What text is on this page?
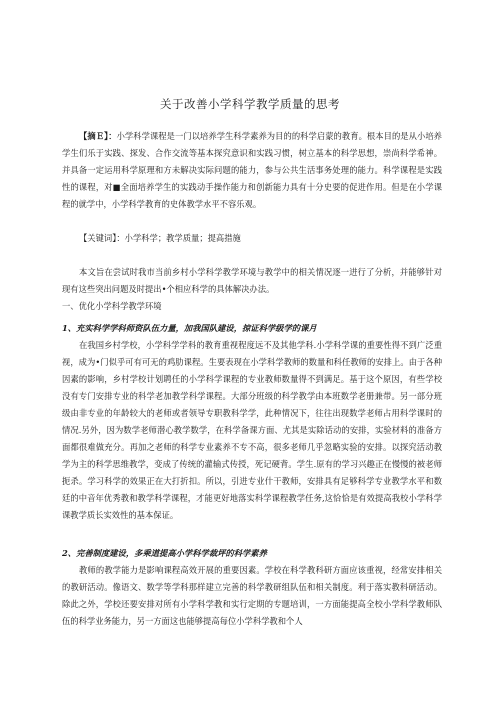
关于改善小学科学教学质量的思考
【摘Ｅ】：小学科学课程是一门以培养学生科学素养为目的的科学启蒙的教育。根本目的是从小培养学生们乐于实践、探发、合作交流等基本探究意识和实践习惯，树立基本的科学思想，崇尚科学希神。并具备一定运用科学原理和方未解决实际问题的能力，参与公共生活事务处理的能力。科学课程是实践性的课程，对■全面培养学生的实践动手操作能力和创新能力具有十分史要的促进作用。但是在小学课程的就学中，小学科学教育的史体教学水平不容乐观。
【关键词】：小学科学；教学质量；提高措施
本文旨在尝试时我市当前乡村小学科学教学环境与教学中的相关情况逐一进行了分析，并能够针对现有这些突出问题及时提出•个相应科学的具体解决办法。
一、优化小学科学教学环境
1、充实科学学科师资队伍力量，加我国队建设，掠证科学级学的课月
在我国乡村学校，小学科学学科的教育重视程度远不及其他学科.小学科学课的重要性得不到广泛重视，成为•门似乎可有可无的鸡肋课程。生要表现在小学科学教师的数量和科任教师的安排上。由于各种因素的影响，乡村学校计划聘任的小学科学课程的专业教师数量得不到满足。基于这个原因，有些学校没有专门安排专业的科学老加教学科学课程。大部分班级的科学教学由本班数学老册兼带。另一部分班级由非专业的年龄较大的老师或者领导专职教科学学，此种情况下，往往出现数学老师占用科学课时的情况.另外，因为数学老师潜心教学数学，在科学备课方面、尤其是实除话动的安排，实验材料的准备方面都很难做充分。再加之老师的科学专业素养不专不高，很多老师几乎忽略实验的安排。以探究活动教学为主的科学思维教学，变成了传统的灌输式传授，死记硬背。学生.原有的学习兴趣正在慢慢的被老师扼杀。学习科学的效果正在大打折扣。所以，引进专业什干教师，安排具有足够科学专业教学水平和数廷的中音年优秀教和教学科学课程，才能更好地落实科学课程教学任务,这恰恰是有效提高我校小学科学课教学质长实效性的基本保证。
2、完善制度建设，多乘道提高小学科学裁坪的科学素养
教师的教学能力是影响课程高效开展的重要因素。学校在科学教科研方面应该重视，经常安排相关的教研活动。像语文、数学等学科那样建立完善的科学教研组队伍和相关制度。利于落实教科研活动。除此之外，学校还要安排对所有小学科学教和实行定期的专题培训，一方面能提高全校小学科学教师队伍的科学业务能力，另一方面这也能够提高每位小学科学教和个人
